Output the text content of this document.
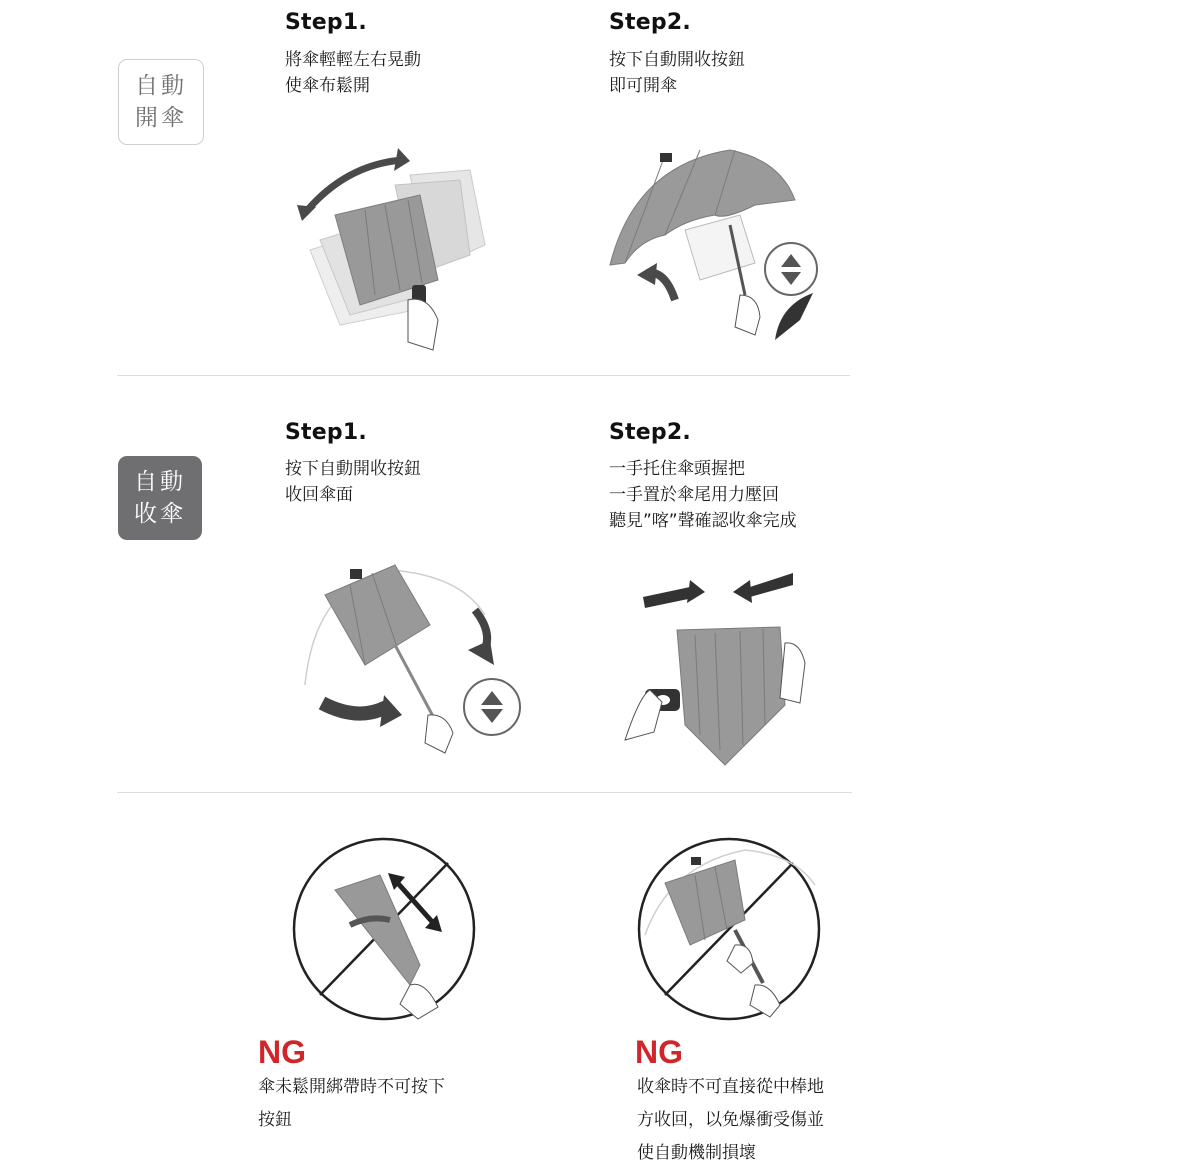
自動
開傘
Step1.
將傘輕輕左右晃動
使傘布鬆開
Step2.
按下自動開收按鈕
即可開傘
自動
收傘
Step1.
按下自動開收按鈕
收回傘面
Step2.
一手托住傘頭握把
一手置於傘尾用力壓回
聽見”喀”聲確認收傘完成
NG
傘未鬆開綁帶時不可按下
按鈕
NG
收傘時不可直接從中棒地
方收回，以免爆衝受傷並
使自動機制損壞
